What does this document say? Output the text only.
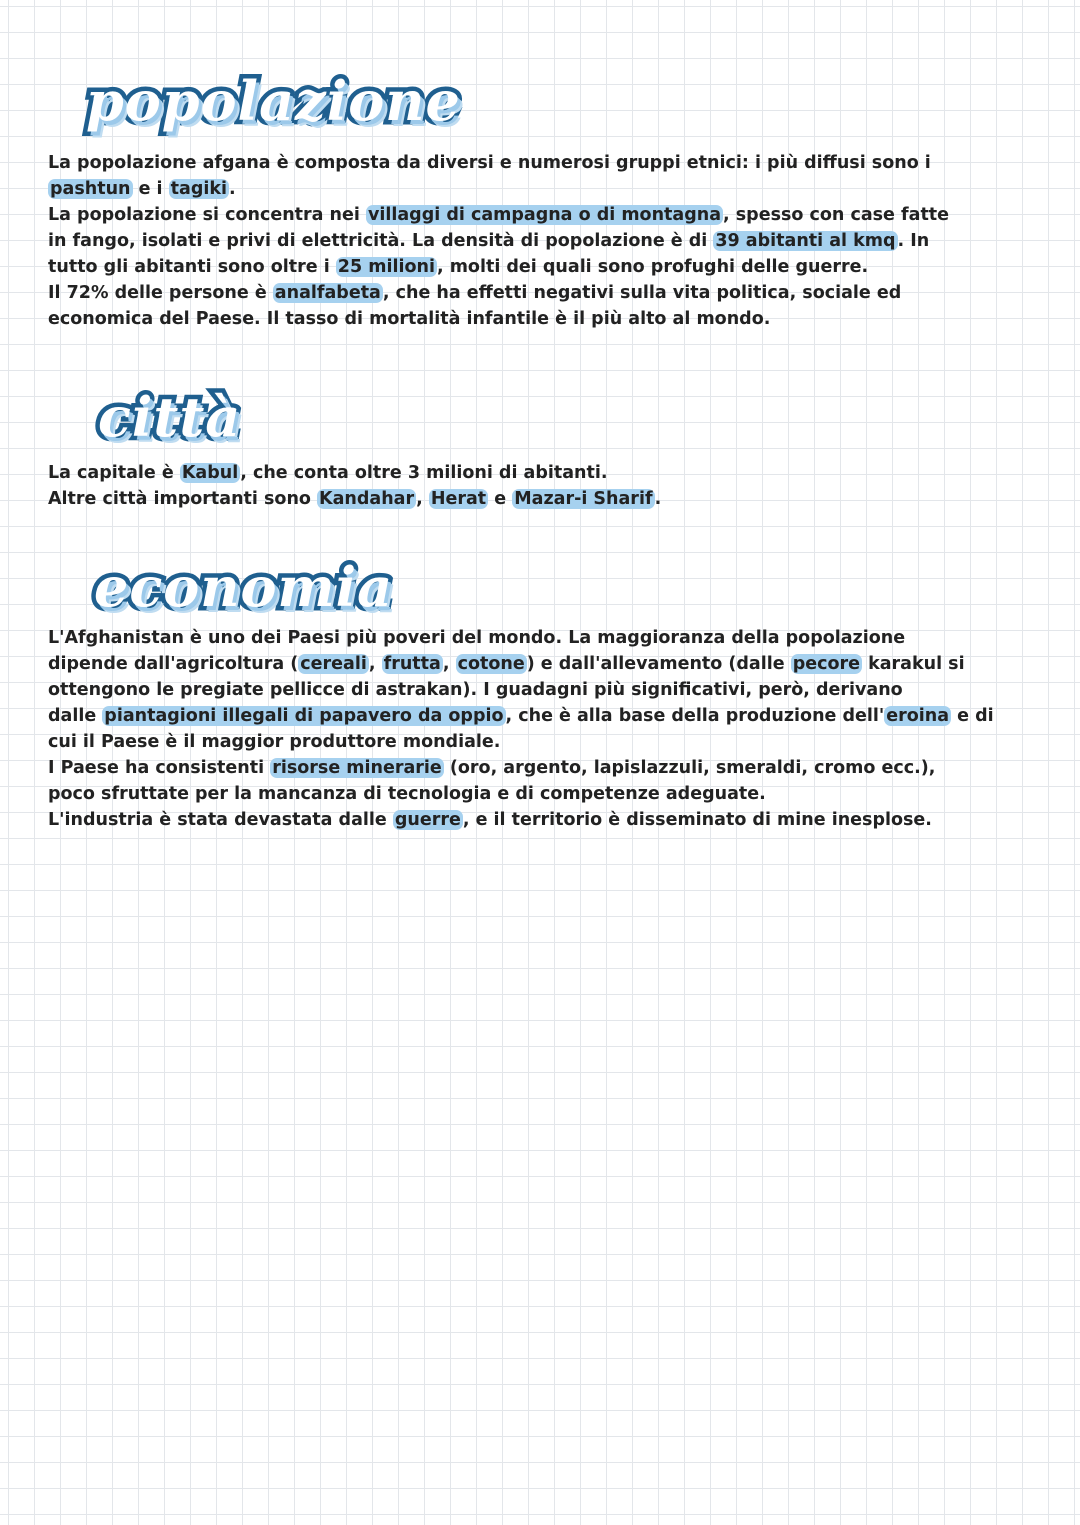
popolazione
La popolazione afgana è composta da diversi e numerosi gruppi etnici: i più diffusi sono i
pashtun e i tagiki .
La popolazione si concentra nei villaggi di campagna o di montagna , spesso con case fatte
in fango, isolati e privi di elettricità. La densità di popolazione è di 39 abitanti al kmq . In
tutto gli abitanti sono oltre i 25 milioni , molti dei quali sono profughi delle guerre.
Il 72% delle persone è analfabeta , che ha effetti negativi sulla vita politica, sociale ed
economica del Paese. Il tasso di mortalità infantile è il più alto al mondo.
città
La capitale è Kabul , che conta oltre 3 milioni di abitanti.
Altre città importanti sono Kandahar , Herat e Mazar-i Sharif .
economia
L'Afghanistan è uno dei Paesi più poveri del mondo. La maggioranza della popolazione
dipende dall'agricoltura ( cereali , frutta , cotone ) e dall'allevamento (dalle pecore karakul si
ottengono le pregiate pellicce di astrakan). I guadagni più significativi, però, derivano
dalle piantagioni illegali di papavero da oppio , che è alla base della produzione dell' eroina e di
cui il Paese è il maggior produttore mondiale.
I Paese ha consistenti risorse minerarie (oro, argento, lapislazzuli, smeraldi, cromo ecc.),
poco sfruttate per la mancanza di tecnologia e di competenze adeguate.
L'industria è stata devastata dalle guerre , e il territorio è disseminato di mine inesplose.
